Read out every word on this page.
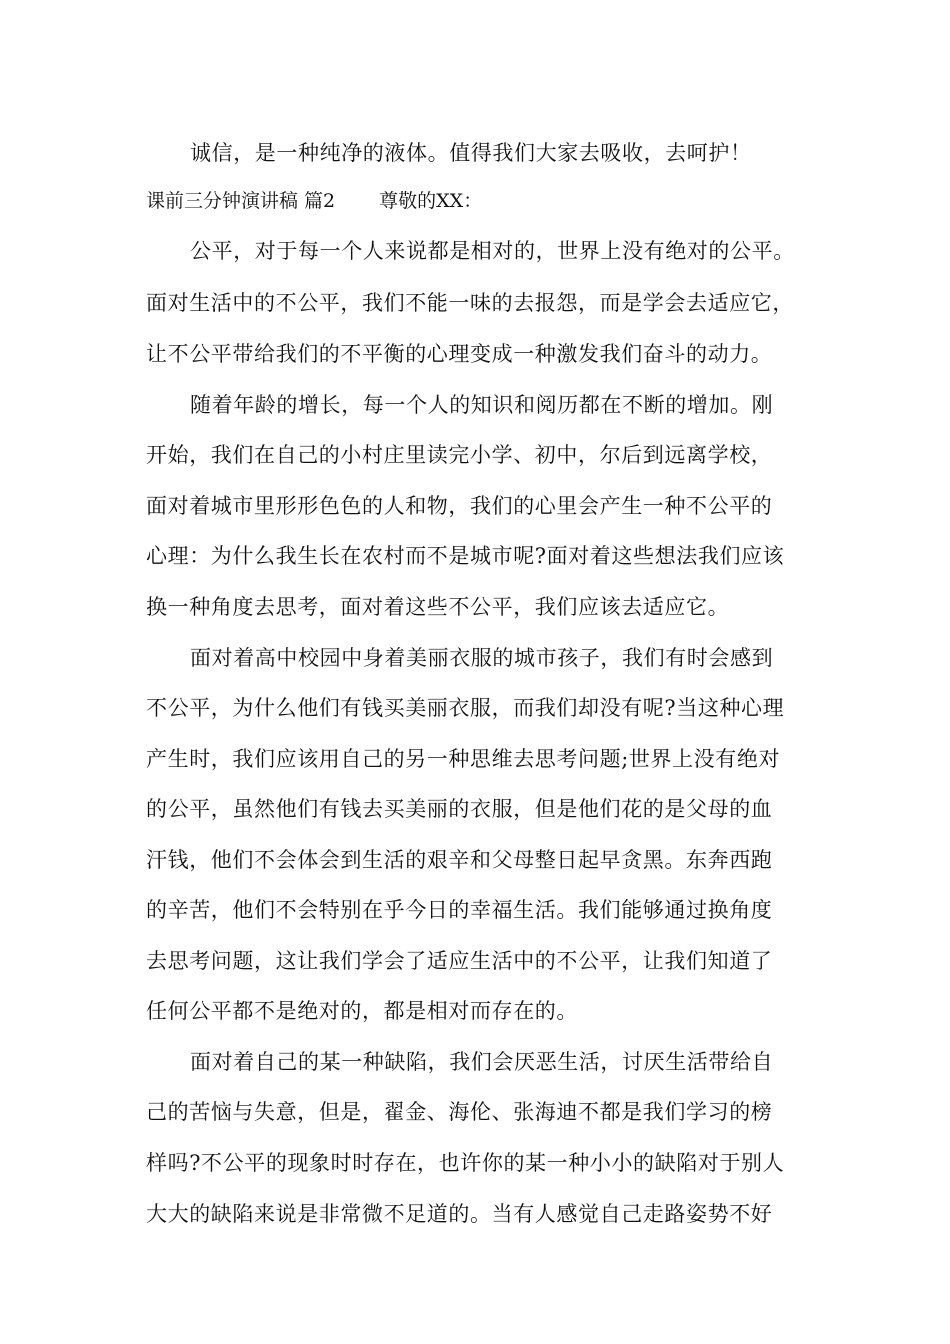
诚信，是一种纯净的液体。值得我们大家去吸收，去呵护！
课前三分钟演讲稿 篇2 尊敬的XX：
公平，对于每一个人来说都是相对的，世界上没有绝对的公平。
面对生活中的不公平，我们不能一味的去报怨，而是学会去适应它，
让不公平带给我们的不平衡的心理变成一种激发我们奋斗的动力。
随着年龄的增长，每一个人的知识和阅历都在不断的增加。刚
开始，我们在自己的小村庄里读完小学、初中，尔后到远离学校，
面对着城市里形形色色的人和物，我们的心里会产生一种不公平的
心理：为什么我生长在农村而不是城市呢?面对着这些想法我们应该
换一种角度去思考，面对着这些不公平，我们应该去适应它。
面对着高中校园中身着美丽衣服的城市孩子，我们有时会感到
不公平，为什么他们有钱买美丽衣服，而我们却没有呢?当这种心理
产生时，我们应该用自己的另一种思维去思考问题;世界上没有绝对
的公平，虽然他们有钱去买美丽的衣服，但是他们花的是父母的血
汗钱，他们不会体会到生活的艰辛和父母整日起早贪黑。东奔西跑
的辛苦，他们不会特别在乎今日的幸福生活。我们能够通过换角度
去思考问题，这让我们学会了适应生活中的不公平，让我们知道了
任何公平都不是绝对的，都是相对而存在的。
面对着自己的某一种缺陷，我们会厌恶生活，讨厌生活带给自
己的苦恼与失意，但是，翟金、海伦、张海迪不都是我们学习的榜
样吗?不公平的现象时时存在，也许你的某一种小小的缺陷对于别人
大大的缺陷来说是非常微不足道的。当有人感觉自己走路姿势不好
